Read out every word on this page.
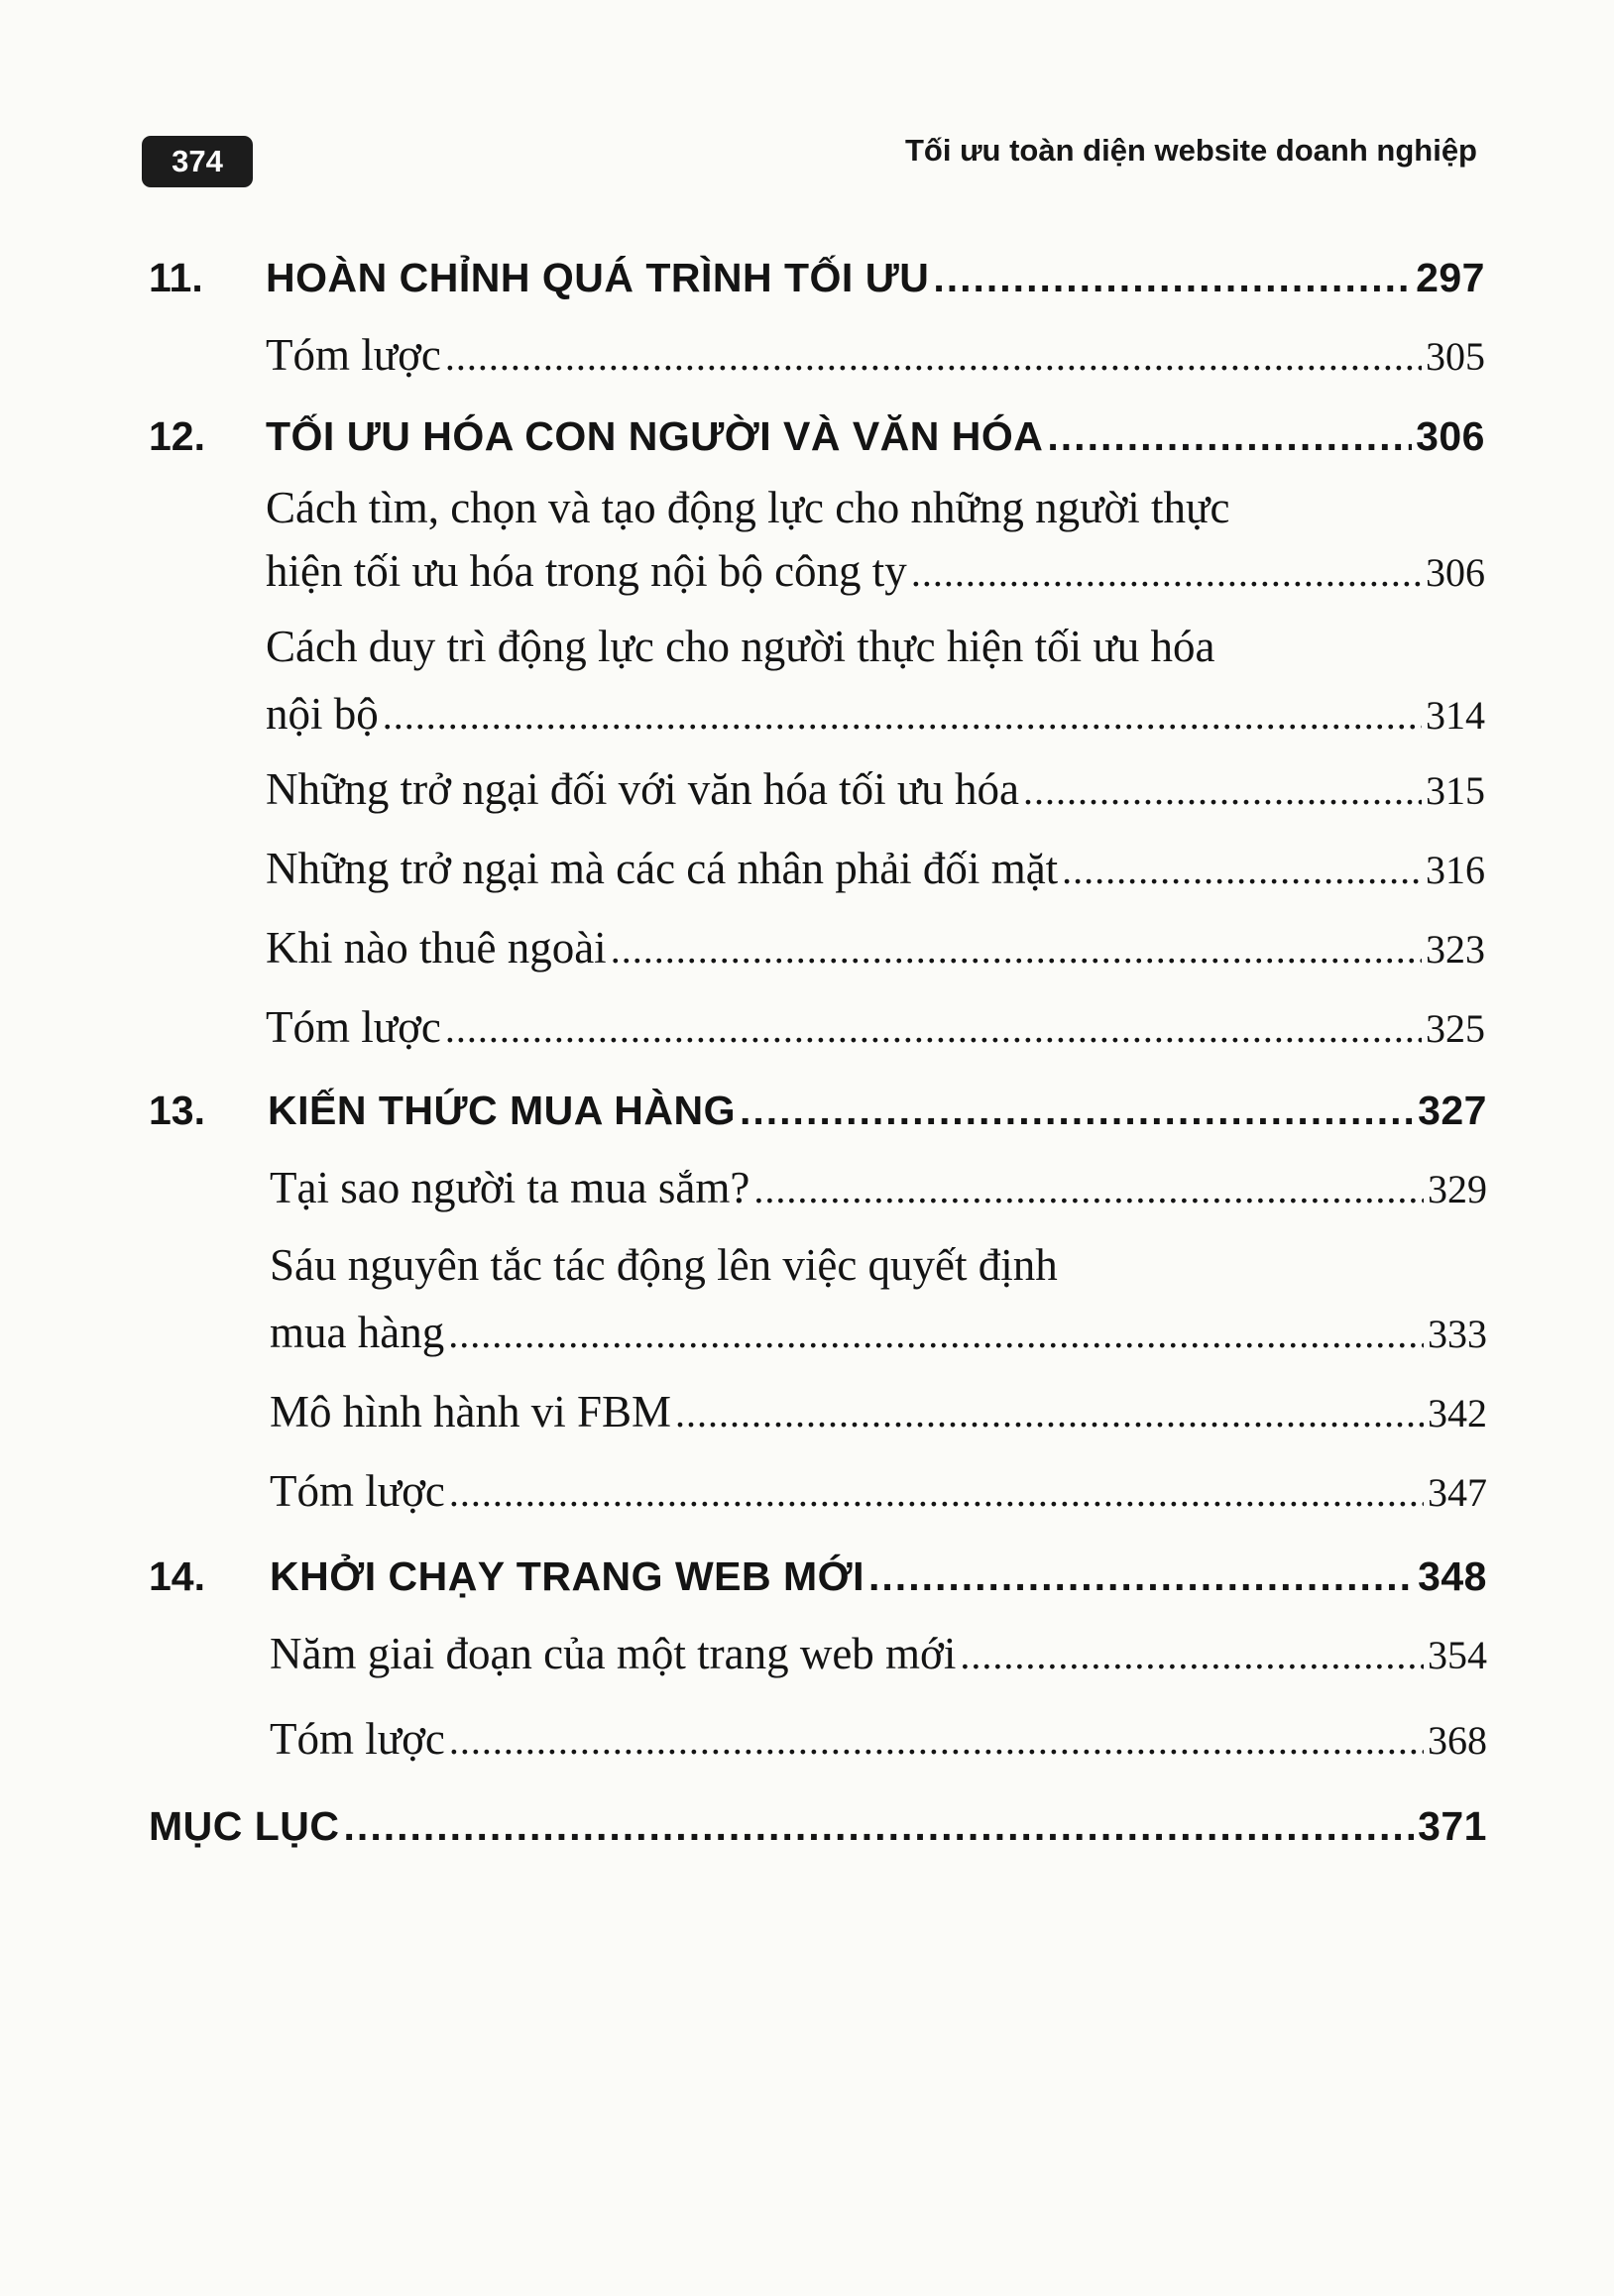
374	Tối ưu toàn diện website doanh nghiệp
11. HOÀN CHỈNH QUÁ TRÌNH TỐI ƯU .....	297
Tóm lược .....	305
12. TỐI ƯU HÓA CON NGƯỜI VÀ VĂN HÓA .....	306
Cách tìm, chọn và tạo động lực cho những người thực
hiện tối ưu hóa trong nội bộ công ty .....	306
Cách duy trì động lực cho người thực hiện tối ưu hóa
nội bộ .....	314
Những trở ngại đối với văn hóa tối ưu hóa .....	315
Những trở ngại mà các cá nhân phải đối mặt .....	316
Khi nào thuê ngoài .....	323
Tóm lược .....	325
13. KIẾN THỨC MUA HÀNG .....	327
Tại sao người ta mua sắm? .....	329
Sáu nguyên tắc tác động lên việc quyết định
mua hàng .....	333
Mô hình hành vi FBM .....	342
Tóm lược .....	347
14. KHỞI CHẠY TRANG WEB MỚI .....	348
Năm giai đoạn của một trang web mới .....	354
Tóm lược .....	368
MỤC LỤC .....	371
